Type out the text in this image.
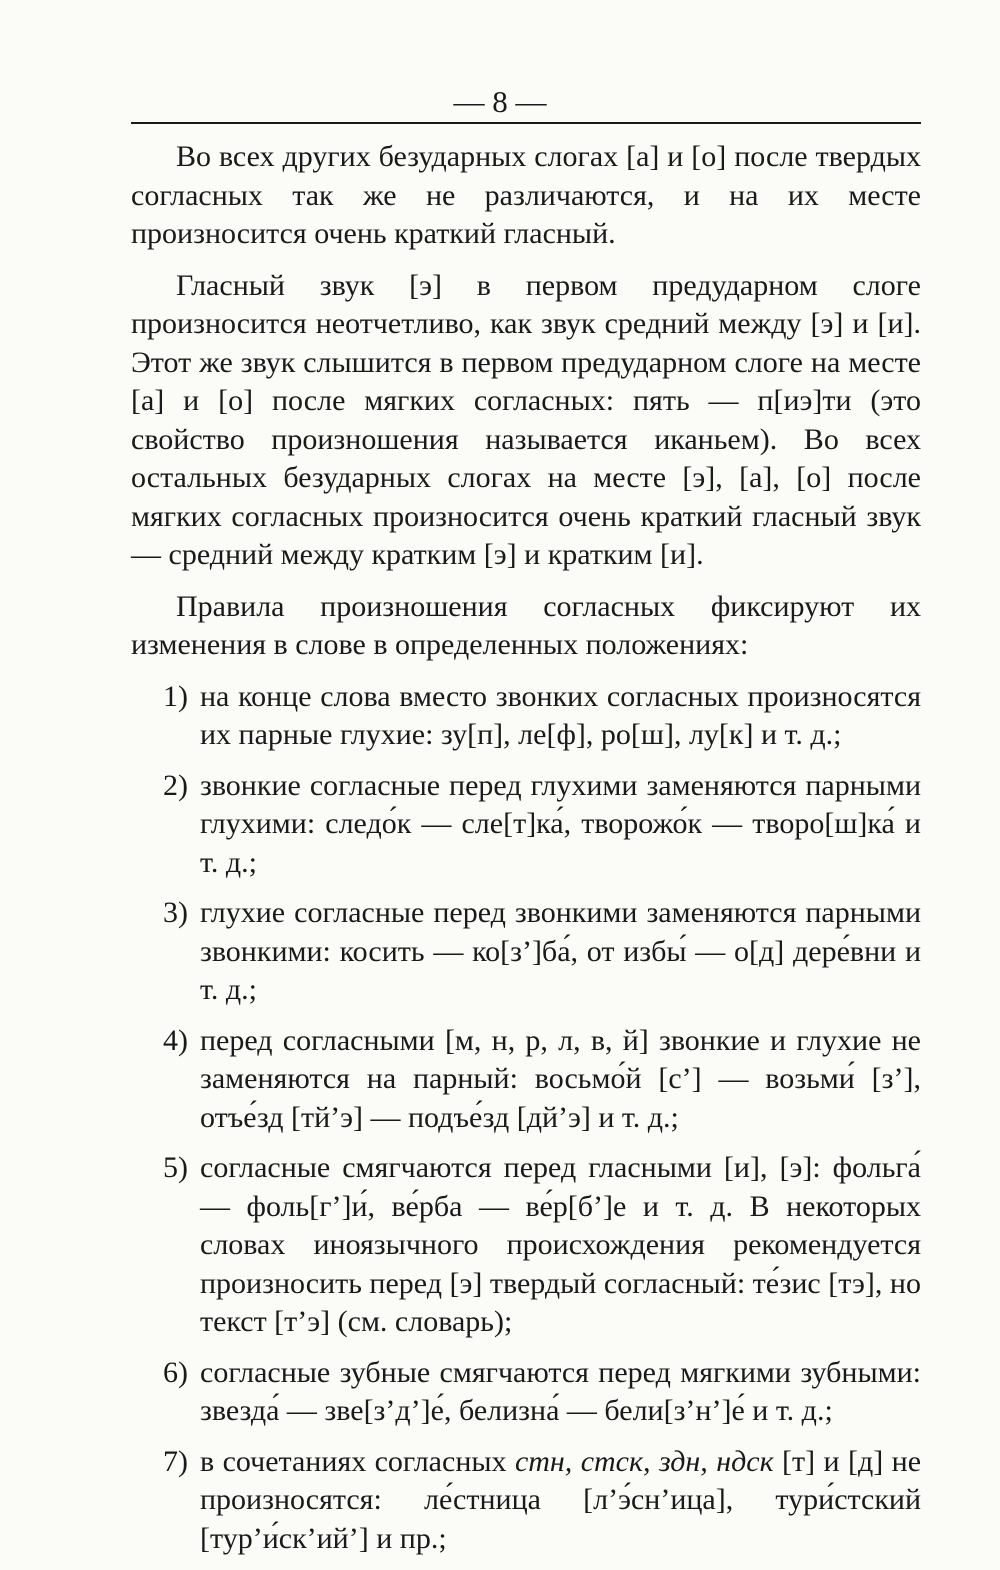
— 8 —

Во всех других безударных слогах [а] и [о] после твердых согласных так же не различаются, и на их месте произносится очень краткий гласный.

Гласный звук [э] в первом предударном слоге произносится неотчетливо, как звук средний между [э] и [и]. Этот же звук слышится в первом предударном слоге на месте [а] и [о] после мягких согласных: пять — п[иэ]ти (это свойство произношения называется иканьем). Во всех остальных безударных слогах на месте [э], [а], [о] после мягких согласных произносится очень краткий гласный звук — средний между кратким [э] и кратким [и].

Правила произношения согласных фиксируют их изменения в слове в определенных положениях:

1) на конце слова вместо звонких согласных произносятся их парные глухие: зу[п], ле[ф], ро[ш], лу[к] и т. д.;
2) звонкие согласные перед глухими заменяются парными глухими: следо́к — сле[т]ка́, творожо́к — творо[ш]ка́ и т. д.;
3) глухие согласные перед звонкими заменяются парными звонкими: косить — ко[з’]ба́, от избы́ — о[д] дере́вни и т. д.;
4) перед согласными [м, н, р, л, в, й] звонкие и глухие не заменяются на парный: восьмо́й [с’] — возьми́ [з’], отъе́зд [тй’э] — подъе́зд [дй’э] и т. д.;
5) согласные смягчаются перед гласными [и], [э]: фольга́ — фоль[г’]и́, ве́рба — ве́р[б’]е и т. д. В некоторых словах иноязычного происхождения рекомендуется произносить перед [э] твердый согласный: те́зис [тэ], но текст [т’э] (см. словарь);
6) согласные зубные смягчаются перед мягкими зубными: звезда́ — зве[з’д’]е́, белизна́ — бели[з’н’]е́ и т. д.;
7) в сочетаниях согласных стн, стск, здн, ндск [т] и [д] не произносятся: ле́стница [л’э́сн’ица], тури́стский [тур’и́ск’ий’] и пр.;
